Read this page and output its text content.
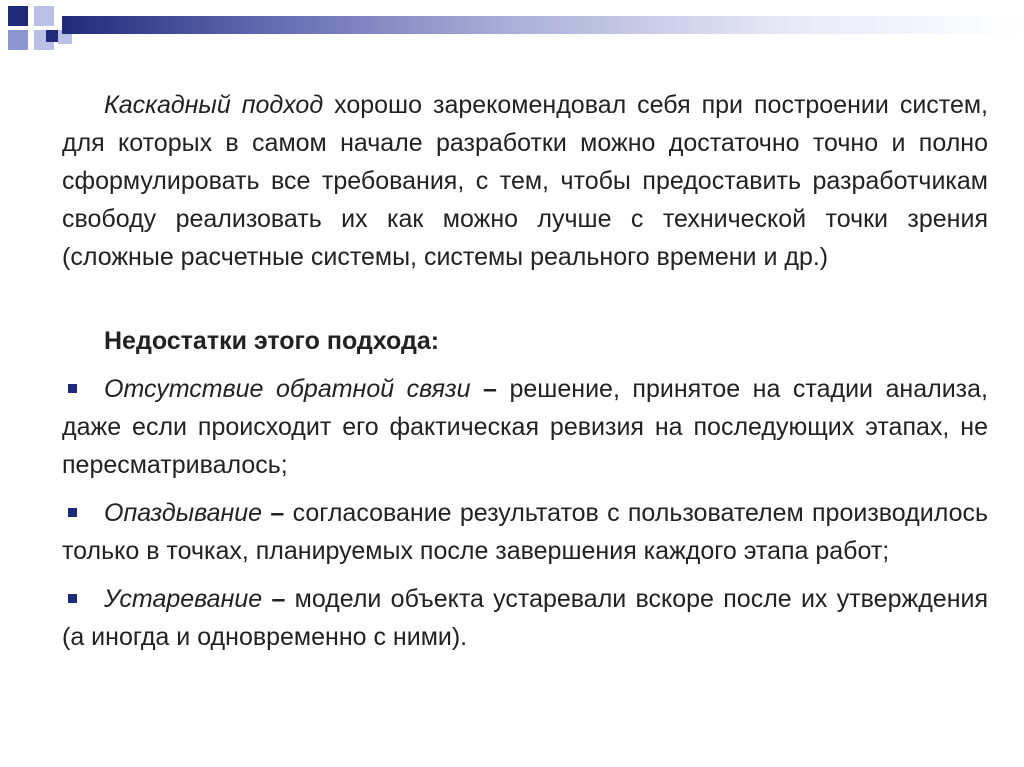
Каскадный подход хорошо зарекомендовал себя при построении систем, для которых в самом начале разработки можно достаточно точно и полно сформулировать все требования, с тем, чтобы предоставить разработчикам свободу реализовать их как можно лучше с технической точки зрения (сложные расчетные системы, системы реального времени и др.)

Недостатки этого подхода:
Отсутствие обратной связи – решение, принятое на стадии анализа, даже если происходит его фактическая ревизия на последующих этапах, не пересматривалось;
Опаздывание – согласование результатов с пользователем производилось только в точках, планируемых после завершения каждого этапа работ;
Устаревание – модели объекта устаревали вскоре после их утверждения (а иногда и одновременно с ними).
